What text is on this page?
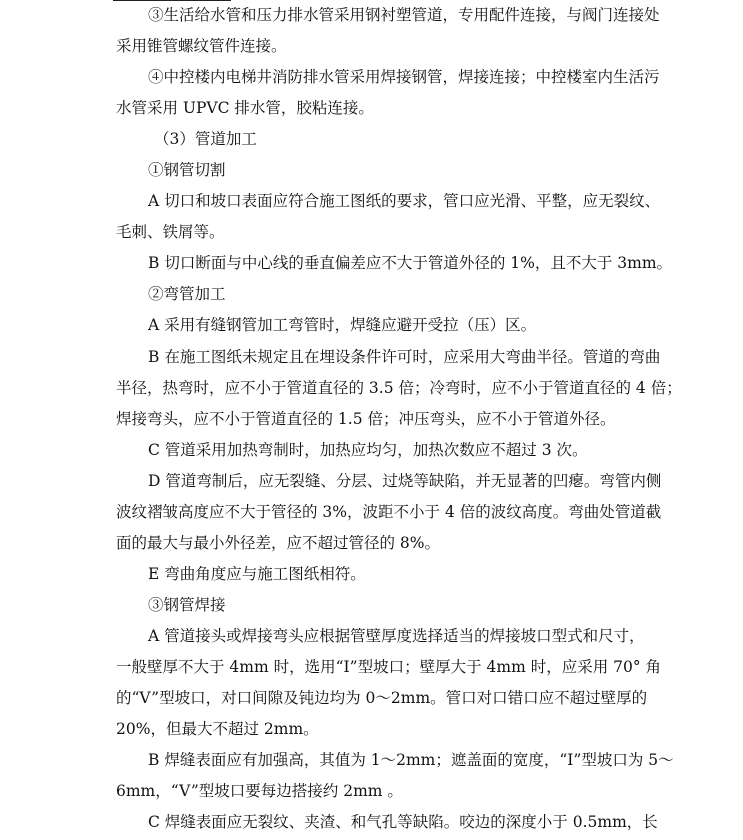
③生活给水管和压力排水管采用钢衬塑管道，专用配件连接，与阀门连接处
采用锥管螺纹管件连接。
④中控楼内电梯井消防排水管采用焊接钢管，焊接连接；中控楼室内生活污
水管采用 UPVC 排水管，胶粘连接。
（3）管道加工
①钢管切割
A 切口和坡口表面应符合施工图纸的要求，管口应光滑、平整，应无裂纹、
毛刺、铁屑等。
B 切口断面与中心线的垂直偏差应不大于管道外径的 1%，且不大于 3mm。
②弯管加工
A 采用有缝钢管加工弯管时，焊缝应避开受拉（压）区。
B 在施工图纸未规定且在埋设条件许可时，应采用大弯曲半径。管道的弯曲
半径，热弯时，应不小于管道直径的 3.5 倍；冷弯时，应不小于管道直径的 4 倍；
焊接弯头，应不小于管道直径的 1.5 倍；冲压弯头，应不小于管道外径。
C 管道采用加热弯制时，加热应均匀，加热次数应不超过 3 次。
D 管道弯制后，应无裂缝、分层、过烧等缺陷，并无显著的凹瘪。弯管内侧
波纹褶皱高度应不大于管径的 3%，波距不小于 4 倍的波纹高度。弯曲处管道截
面的最大与最小外径差，应不超过管径的 8%。
E 弯曲角度应与施工图纸相符。
③钢管焊接
A 管道接头或焊接弯头应根据管壁厚度选择适当的焊接坡口型式和尺寸，
一般壁厚不大于 4mm 时，选用“I”型坡口；壁厚大于 4mm 时，应采用 70° 角
的“V”型坡口，对口间隙及钝边均为 0～2mm。管口对口错口应不超过壁厚的
20%，但最大不超过 2mm。
B 焊缝表面应有加强高，其值为 1～2mm；遮盖面的宽度，“I”型坡口为 5～
6mm，“V”型坡口要每边搭接约 2mm 。
C 焊缝表面应无裂纹、夹渣、和气孔等缺陷。咬边的深度小于 0.5mm，长
